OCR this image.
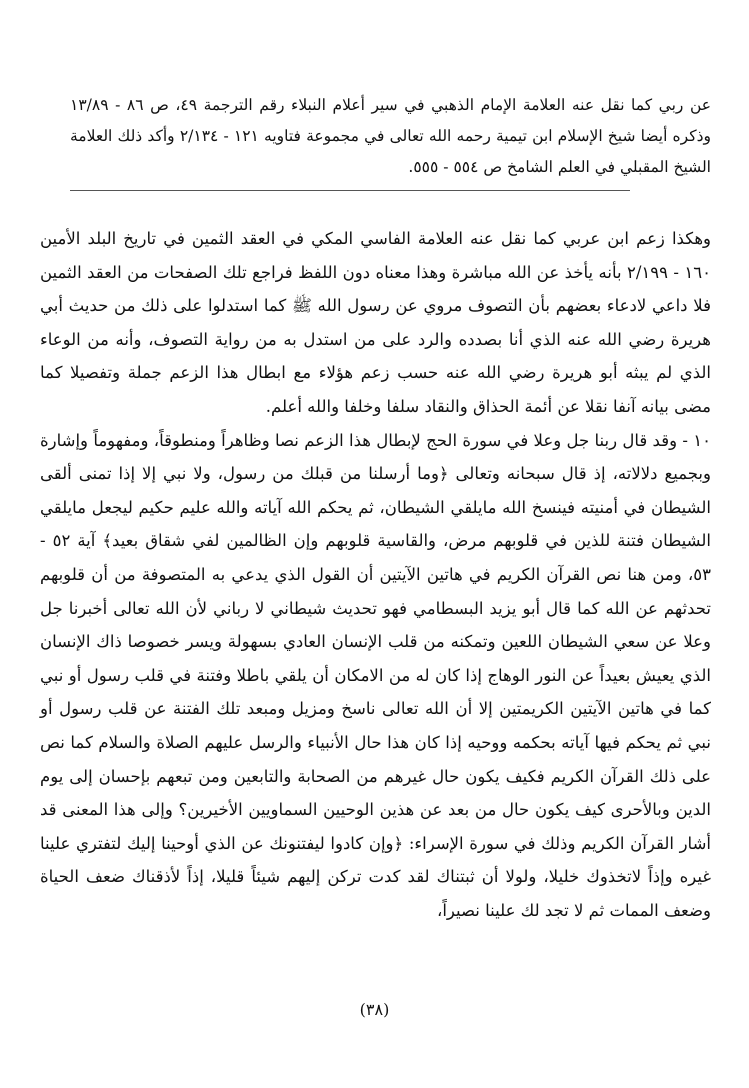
عن ربي كما نقل عنه العلامة الإمام الذهبي في سير أعلام النبلاء رقم الترجمة ٤٩، ص ٨٦ - ١٣/٨٩ وذكره أيضا شيخ الإسلام ابن تيمية رحمه الله تعالى في مجموعة فتاويه ١٢١ - ٢/١٣٤ وأكد ذلك العلامة الشيخ المقبلي في العلم الشامخ ص ٥٥٤ - ٥٥٥.

وهكذا زعم ابن عربي كما نقل عنه العلامة الفاسي المكي في العقد الثمين في تاريخ البلد الأمين ١٦٠ - ٢/١٩٩ بأنه يأخذ عن الله مباشرة وهذا معناه دون اللفظ فراجع تلك الصفحات من العقد الثمين فلا داعي لادعاء بعضهم بأن التصوف مروي عن رسول الله ﷺ كما استدلوا على ذلك من حديث أبي هريرة رضي الله عنه الذي أنا بصدده والرد على من استدل به من رواية التصوف، وأنه من الوعاء الذي لم يبثه أبو هريرة رضي الله عنه حسب زعم هؤلاء مع ابطال هذا الزعم جملة وتفصيلا كما مضى بيانه آنفا نقلا عن أئمة الحذاق والنقاد سلفا وخلفا والله أعلم.

١٠ - وقد قال ربنا جل وعلا في سورة الحج لإبطال هذا الزعم نصا وظاهراً ومنطوقاً، ومفهوماً وإشارة وبجميع دلالاته، إذ قال سبحانه وتعالى ﴿وما أرسلنا من قبلك من رسول، ولا نبي إلا إذا تمنى ألقى الشيطان في أمنيته فينسخ الله مايلقي الشيطان، ثم يحكم الله آياته والله عليم حكيم ليجعل مايلقي الشيطان فتنة للذين في قلوبهم مرض، والقاسية قلوبهم وإن الظالمين لفي شقاق بعيد﴾ آية ٥٢ - ٥٣، ومن هنا نص القرآن الكريم في هاتين الآيتين أن القول الذي يدعي به المتصوفة من أن قلوبهم تحدثهم عن الله كما قال أبو يزيد البسطامي فهو تحديث شيطاني لا رباني لأن الله تعالى أخبرنا جل وعلا عن سعي الشيطان اللعين وتمكنه من قلب الإنسان العادي بسهولة ويسر خصوصا ذاك الإنسان الذي يعيش بعيداً عن النور الوهاج إذا كان له من الامكان أن يلقي باطلا وفتنة في قلب رسول أو نبي كما في هاتين الآيتين الكريمتين إلا أن الله تعالى ناسخ ومزيل ومبعد تلك الفتنة عن قلب رسول أو نبي ثم يحكم فيها آياته بحكمه ووحيه إذا كان هذا حال الأنبياء والرسل عليهم الصلاة والسلام كما نص على ذلك القرآن الكريم فكيف يكون حال غيرهم من الصحابة والتابعين ومن تبعهم بإحسان إلى يوم الدين وبالأحرى كيف يكون حال من بعد عن هذين الوحيين السماويين الأخيرين؟ وإلى هذا المعنى قد أشار القرآن الكريم وذلك في سورة الإسراء: ﴿وإن كادوا ليفتنونك عن الذي أوحينا إليك لتفتري علينا غيره وإذاً لاتخذوك خليلا، ولولا أن ثبتناك لقد كدت تركن إليهم شيئاً قليلا، إذاً لأذقناك ضعف الحياة وضعف الممات ثم لا تجد لك علينا نصيراً،

(٣٨)
